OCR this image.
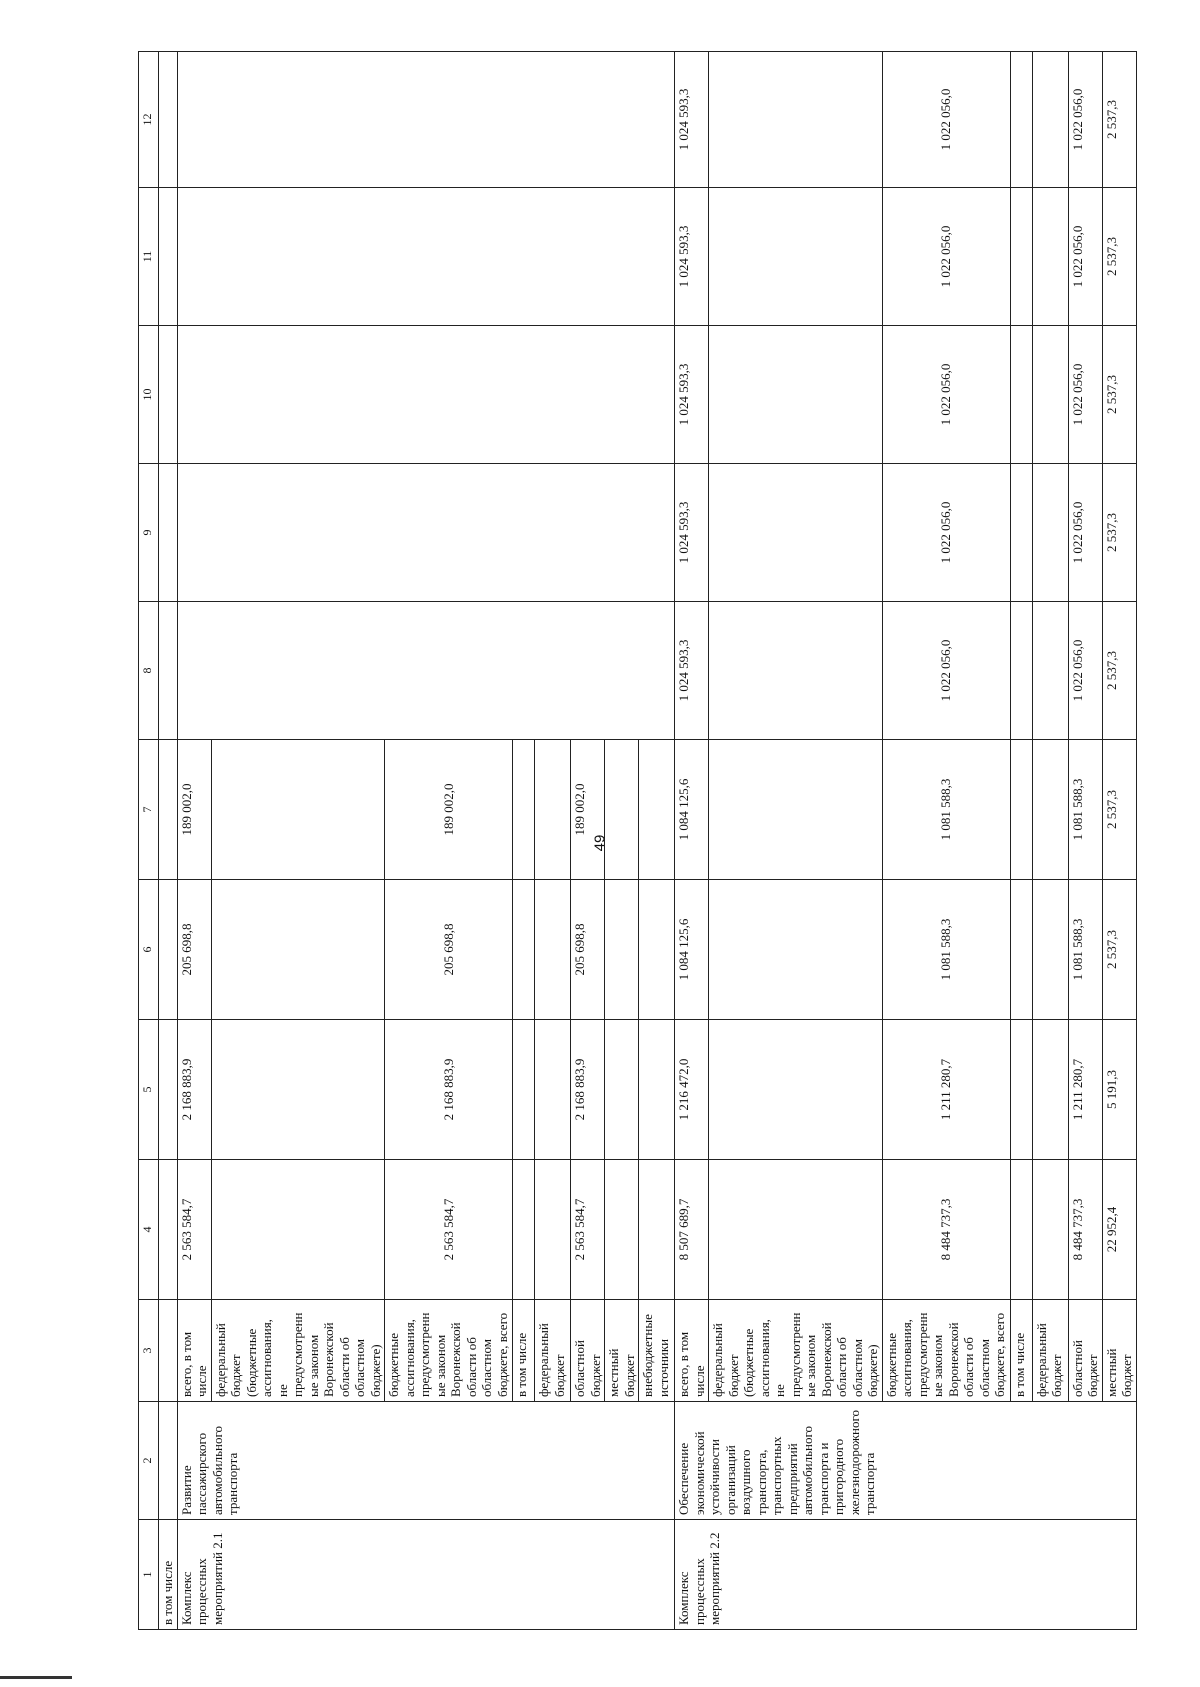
49
1	2	3	4	5	6	7	8	9	10	11	12
в том числе											
Комплекс процессных мероприятий 2.1	Развитие пассажирского автомобильного транспорта	всего, в том числе	2 563 584,7	2 168 883,9	205 698,8	189 002,0					
		федеральный бюджет (бюджетные ассигнования, не предусмотренные законом Воронежской области об областном бюджете)									
		бюджетные ассигнования, предусмотренные законом Воронежской области об областном бюджете, всего	2 563 584,7	2 168 883,9	205 698,8	189 002,0					
		в том числе									
		федеральный бюджет									
		областной бюджет	2 563 584,7	2 168 883,9	205 698,8	189 002,0					
		местный бюджет									
		внебюджетные источники									
Комплекс процессных мероприятий 2.2	Обеспечение экономической устойчивости организаций воздушного транспорта, транспортных предприятий автомобильного транспорта и пригородного железнодорожного транспорта	всего, в том числе	8 507 689,7	1 216 472,0	1 084 125,6	1 084 125,6	1 024 593,3	1 024 593,3	1 024 593,3	1 024 593,3	1 024 593,3
		федеральный бюджет (бюджетные ассигнования, не предусмотренные законом Воронежской области об областном бюджете)									
		бюджетные ассигнования, предусмотренные законом Воронежской области об областном бюджете, всего	8 484 737,3	1 211 280,7	1 081 588,3	1 081 588,3	1 022 056,0	1 022 056,0	1 022 056,0	1 022 056,0	1 022 056,0
		в том числе									
		федеральный бюджет									
		областной бюджет	8 484 737,3	1 211 280,7	1 081 588,3	1 081 588,3	1 022 056,0	1 022 056,0	1 022 056,0	1 022 056,0	1 022 056,0
		местный бюджет	22 952,4	5 191,3	2 537,3	2 537,3	2 537,3	2 537,3	2 537,3	2 537,3	2 537,3
